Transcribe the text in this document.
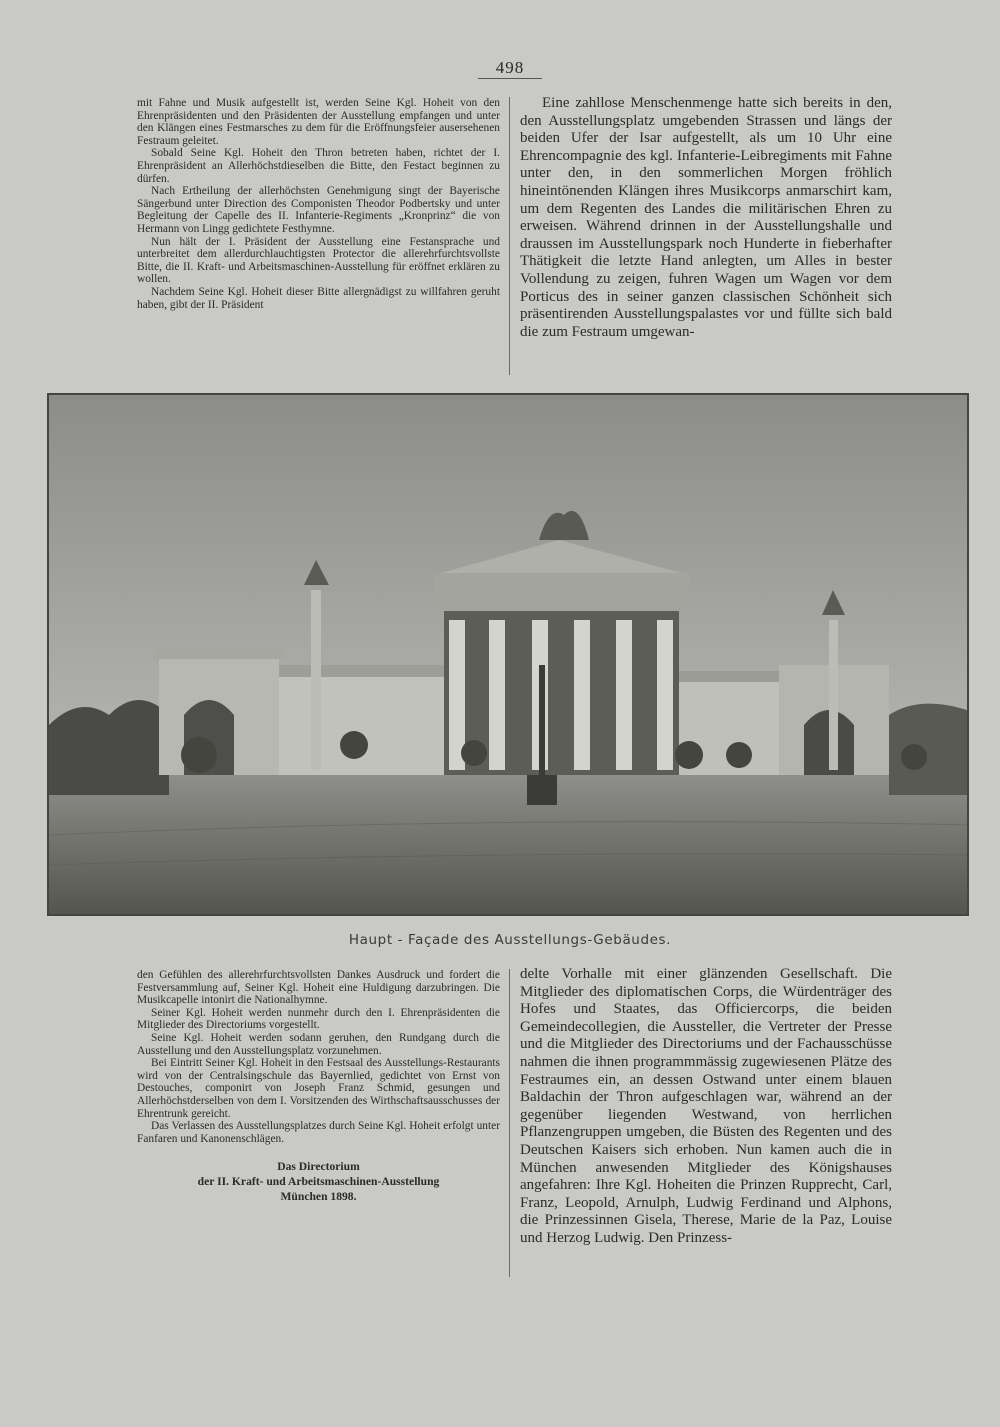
498

mit Fahne und Musik aufgestellt ist, werden Seine Kgl. Hoheit von den Ehrenpräsidenten und den Präsidenten der Ausstellung empfangen und unter den Klängen eines Festmarsches zu dem für die Eröffnungsfeier ausersehenen Festraum geleitet.

Sobald Seine Kgl. Hoheit den Thron betreten haben, richtet der I. Ehrenpräsident an Allerhöchstdieselben die Bitte, den Festact beginnen zu dürfen.

Nach Ertheilung der allerhöchsten Genehmigung singt der Bayerische Sängerbund unter Direction des Componisten Theodor Podbertsky und unter Begleitung der Capelle des II. Infanterie-Regiments „Kronprinz“ die von Hermann von Lingg gedichtete Festhymne.

Nun hält der I. Präsident der Ausstellung eine Festansprache und unterbreitet dem allerdurchlauchtigsten Protector die allerehrfurchtsvollste Bitte, die II. Kraft- und Arbeitsmaschinen-Ausstellung für eröffnet erklären zu wollen.

Nachdem Seine Kgl. Hoheit dieser Bitte allergnädigst zu willfahren geruht haben, gibt der II. Präsident

Eine zahllose Menschenmenge hatte sich bereits in den, den Ausstellungsplatz umgebenden Strassen und längs der beiden Ufer der Isar aufgestellt, als um 10 Uhr eine Ehrencompagnie des kgl. Infanterie-Leibregiments mit Fahne unter den, in den sommerlichen Morgen fröhlich hineintönenden Klängen ihres Musikcorps anmarschirt kam, um dem Regenten des Landes die militärischen Ehren zu erweisen. Während drinnen in der Ausstellungshalle und draussen im Ausstellungspark noch Hunderte in fieberhafter Thätigkeit die letzte Hand anlegten, um Alles in bester Vollendung zu zeigen, fuhren Wagen um Wagen vor dem Porticus des in seiner ganzen classischen Schönheit sich präsentirenden Ausstellungspalastes vor und füllte sich bald die zum Festraum umgewan-

Haupt - Façade des Ausstellungs-Gebäudes.

den Gefühlen des allerehrfurchtsvollsten Dankes Ausdruck und fordert die Festversammlung auf, Seiner Kgl. Hoheit eine Huldigung darzubringen. Die Musikcapelle intonirt die Nationalhymne.

Seiner Kgl. Hoheit werden nunmehr durch den I. Ehrenpräsidenten die Mitglieder des Directoriums vorgestellt.

Seine Kgl. Hoheit werden sodann geruhen, den Rundgang durch die Ausstellung und den Ausstellungsplatz vorzunehmen.

Bei Eintritt Seiner Kgl. Hoheit in den Festsaal des Ausstellungs-Restaurants wird von der Centralsingschule das Bayernlied, gedichtet von Ernst von Destouches, componirt von Joseph Franz Schmid, gesungen und Allerhöchstderselben von dem I. Vorsitzenden des Wirthschaftsausschusses der Ehrentrunk gereicht.

Das Verlassen des Ausstellungsplatzes durch Seine Kgl. Hoheit erfolgt unter Fanfaren und Kanonenschlägen.

Das Directorium
der II. Kraft- und Arbeitsmaschinen-Ausstellung
München 1898.

delte Vorhalle mit einer glänzenden Gesellschaft. Die Mitglieder des diplomatischen Corps, die Würdenträger des Hofes und Staates, das Officiercorps, die beiden Gemeindecollegien, die Aussteller, die Vertreter der Presse und die Mitglieder des Directoriums und der Fachausschüsse nahmen die ihnen programmmässig zugewiesenen Plätze des Festraumes ein, an dessen Ostwand unter einem blauen Baldachin der Thron aufgeschlagen war, während an der gegenüber liegenden Westwand, von herrlichen Pflanzengruppen umgeben, die Büsten des Regenten und des Deutschen Kaisers sich erhoben. Nun kamen auch die in München anwesenden Mitglieder des Königshauses angefahren: Ihre Kgl. Hoheiten die Prinzen Rupprecht, Carl, Franz, Leopold, Arnulph, Ludwig Ferdinand und Alphons, die Prinzessinnen Gisela, Therese, Marie de la Paz, Louise und Herzog Ludwig. Den Prinzess-
